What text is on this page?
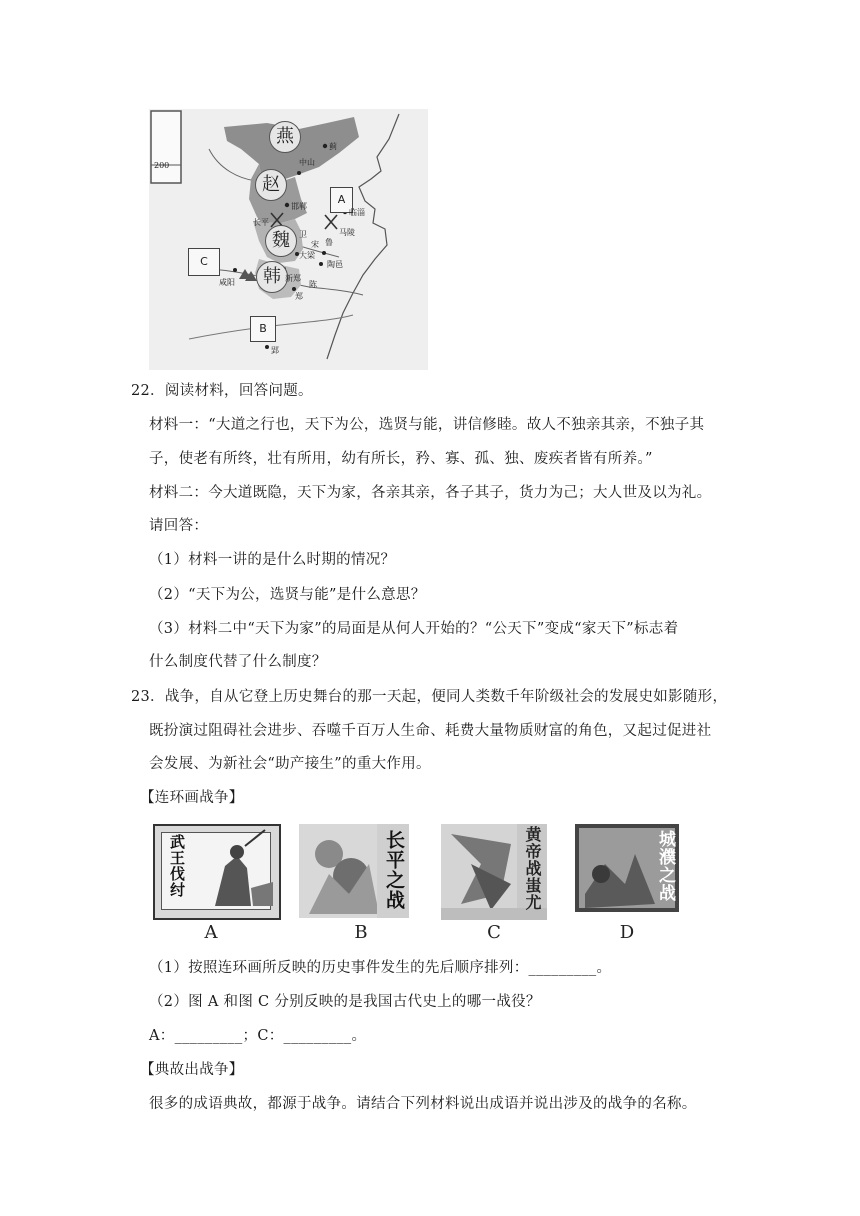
200
燕
赵
魏
韩
A
B
C
蓟
中山
邯郸
临淄
长平
马陵
卫
宋 鲁
大梁
陶邑
新郑
咸阳
郑
陈
郢
22．阅读材料，回答问题。
材料一：“大道之行也，天下为公，选贤与能，讲信修睦。故人不独亲其亲，不独子其
子，使老有所终，壮有所用，幼有所长，矜、寡、孤、独、废疾者皆有所养。”
材料二：今大道既隐，天下为家，各亲其亲，各子其子，货力为己；大人世及以为礼。
请回答：
（1）材料一讲的是什么时期的情况？
（2）“天下为公，选贤与能”是什么意思？
（3）材料二中“天下为家”的局面是从何人开始的？“公天下”变成“家天下”标志着
什么制度代替了什么制度？
23．战争，自从它登上历史舞台的那一天起，便同人类数千年阶级社会的发展史如影随形，
既扮演过阻碍社会进步、吞噬千百万人生命、耗费大量物质财富的角色，又起过促进社
会发展、为新社会“助产接生”的重大作用。
【连环画战争】
武王伐纣	长平之战	黄帝战蚩尤	城濮之战
A	B	C	D
（1）按照连环画所反映的历史事件发生的先后顺序排列：_________。
（2）图 A 和图 C 分别反映的是我国古代史上的哪一战役？
A：_________；C：_________。
【典故出战争】
很多的成语典故，都源于战争。请结合下列材料说出成语并说出涉及的战争的名称。
